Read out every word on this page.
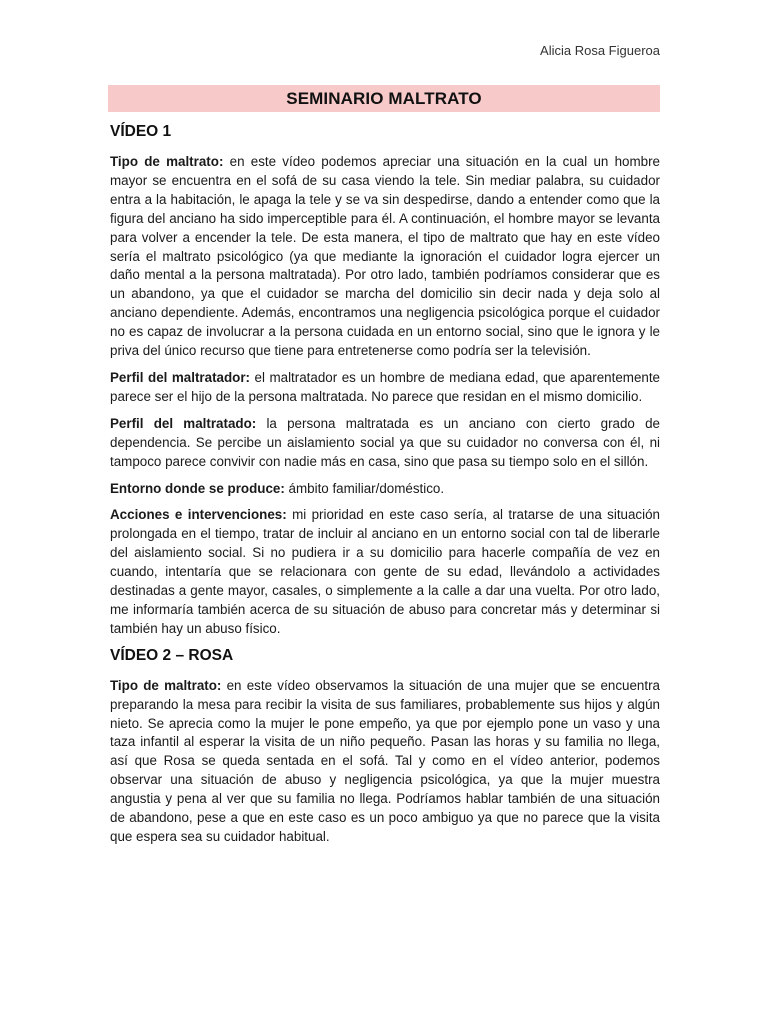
Alicia Rosa Figueroa
SEMINARIO MALTRATO
VÍDEO 1

Tipo de maltrato: en este vídeo podemos apreciar una situación en la cual un hombre mayor se encuentra en el sofá de su casa viendo la tele. Sin mediar palabra, su cuidador entra a la habitación, le apaga la tele y se va sin despedirse, dando a entender como que la figura del anciano ha sido imperceptible para él. A continuación, el hombre mayor se levanta para volver a encender la tele. De esta manera, el tipo de maltrato que hay en este vídeo sería el maltrato psicológico (ya que mediante la ignoración el cuidador logra ejercer un daño mental a la persona maltratada). Por otro lado, también podríamos considerar que es un abandono, ya que el cuidador se marcha del domicilio sin decir nada y deja solo al anciano dependiente. Además, encontramos una negligencia psicológica porque el cuidador no es capaz de involucrar a la persona cuidada en un entorno social, sino que le ignora y le priva del único recurso que tiene para entretenerse como podría ser la televisión.

Perfil del maltratador: el maltratador es un hombre de mediana edad, que aparentemente parece ser el hijo de la persona maltratada. No parece que residan en el mismo domicilio.

Perfil del maltratado: la persona maltratada es un anciano con cierto grado de dependencia. Se percibe un aislamiento social ya que su cuidador no conversa con él, ni tampoco parece convivir con nadie más en casa, sino que pasa su tiempo solo en el sillón.

Entorno donde se produce: ámbito familiar/doméstico.

Acciones e intervenciones: mi prioridad en este caso sería, al tratarse de una situación prolongada en el tiempo, tratar de incluir al anciano en un entorno social con tal de liberarle del aislamiento social. Si no pudiera ir a su domicilio para hacerle compañía de vez en cuando, intentaría que se relacionara con gente de su edad, llevándolo a actividades destinadas a gente mayor, casales, o simplemente a la calle a dar una vuelta. Por otro lado, me informaría también acerca de su situación de abuso para concretar más y determinar si también hay un abuso físico.

VÍDEO 2 – ROSA

Tipo de maltrato: en este vídeo observamos la situación de una mujer que se encuentra preparando la mesa para recibir la visita de sus familiares, probablemente sus hijos y algún nieto. Se aprecia como la mujer le pone empeño, ya que por ejemplo pone un vaso y una taza infantil al esperar la visita de un niño pequeño. Pasan las horas y su familia no llega, así que Rosa se queda sentada en el sofá. Tal y como en el vídeo anterior, podemos observar una situación de abuso y negligencia psicológica, ya que la mujer muestra angustia y pena al ver que su familia no llega. Podríamos hablar también de una situación de abandono, pese a que en este caso es un poco ambiguo ya que no parece que la visita que espera sea su cuidador habitual.
